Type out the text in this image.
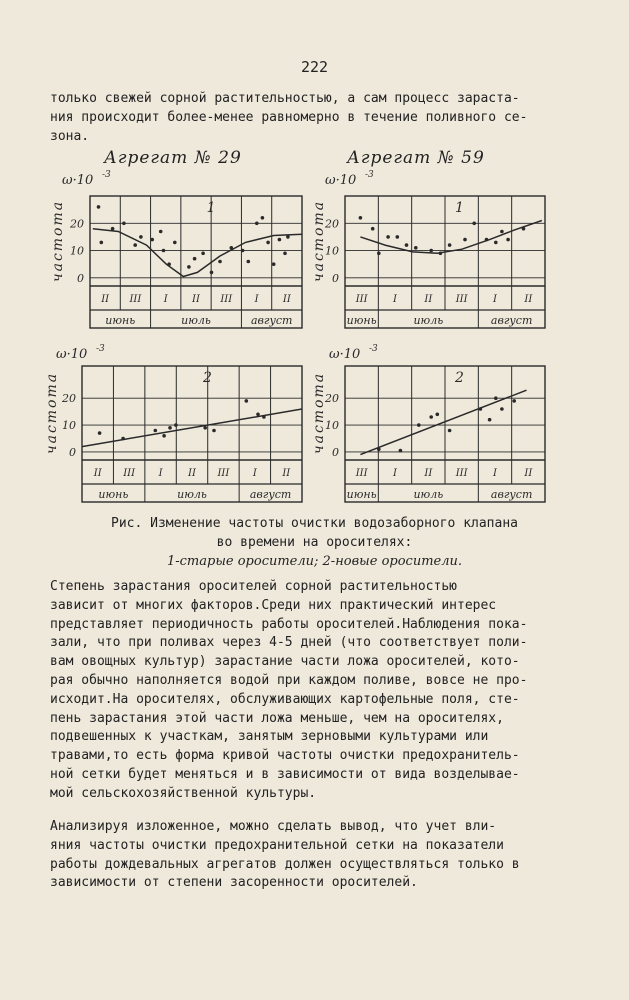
222

только свежей сорной растительностью, а сам процесс зараста-

ния происходит более-менее равномерно в течение поливного се-

зона.

Агрегат № 29	Агрегат № 59
0
10
20
II III I II III I II
июнь	июль	август
частота
ω·10 -3
1
0
10
20
III	I	II III	I	II
июнь	июль	август
частота
ω·10 -3
1
0
10
20
II III I	II III I	II
июнь	июль	август
частота
ω·10 -3
2
0
10
20
III	I	II III	I	II
июнь	июль	август
частота
ω·10 -3
2
Рис. Изменение частоты очистки водозаборного клапана
во времени на оросителях:
1-старые оросители; 2-новые оросители.

Степень зарастания оросителей сорной растительностью

зависит от многих факторов.Среди них практический интерес

представляет периодичность работы оросителей.Наблюдения пока-

зали, что при поливах через 4-5 дней (что соответствует поли-

вам овощных культур) зарастание части ложа оросителей, кото-

рая обычно наполняется водой при каждом поливе, вовсе не про-

исходит.На оросителях, обслуживающих картофельные поля, сте-

пень зарастания этой части ложа меньше, чем на оросителях,

подвешенных к участкам, занятым зерновыми культурами или

травами,то есть форма кривой частоты очистки предохранитель-

ной сетки будет меняться и в зависимости от вида возделывае-

мой сельскохозяйственной культуры.

Анализируя изложенное, можно сделать вывод, что учет вли-

яния частоты очистки предохранительной сетки на показатели

работы дождевальных агрегатов должен осуществляться только в

зависимости от степени засоренности оросителей.
